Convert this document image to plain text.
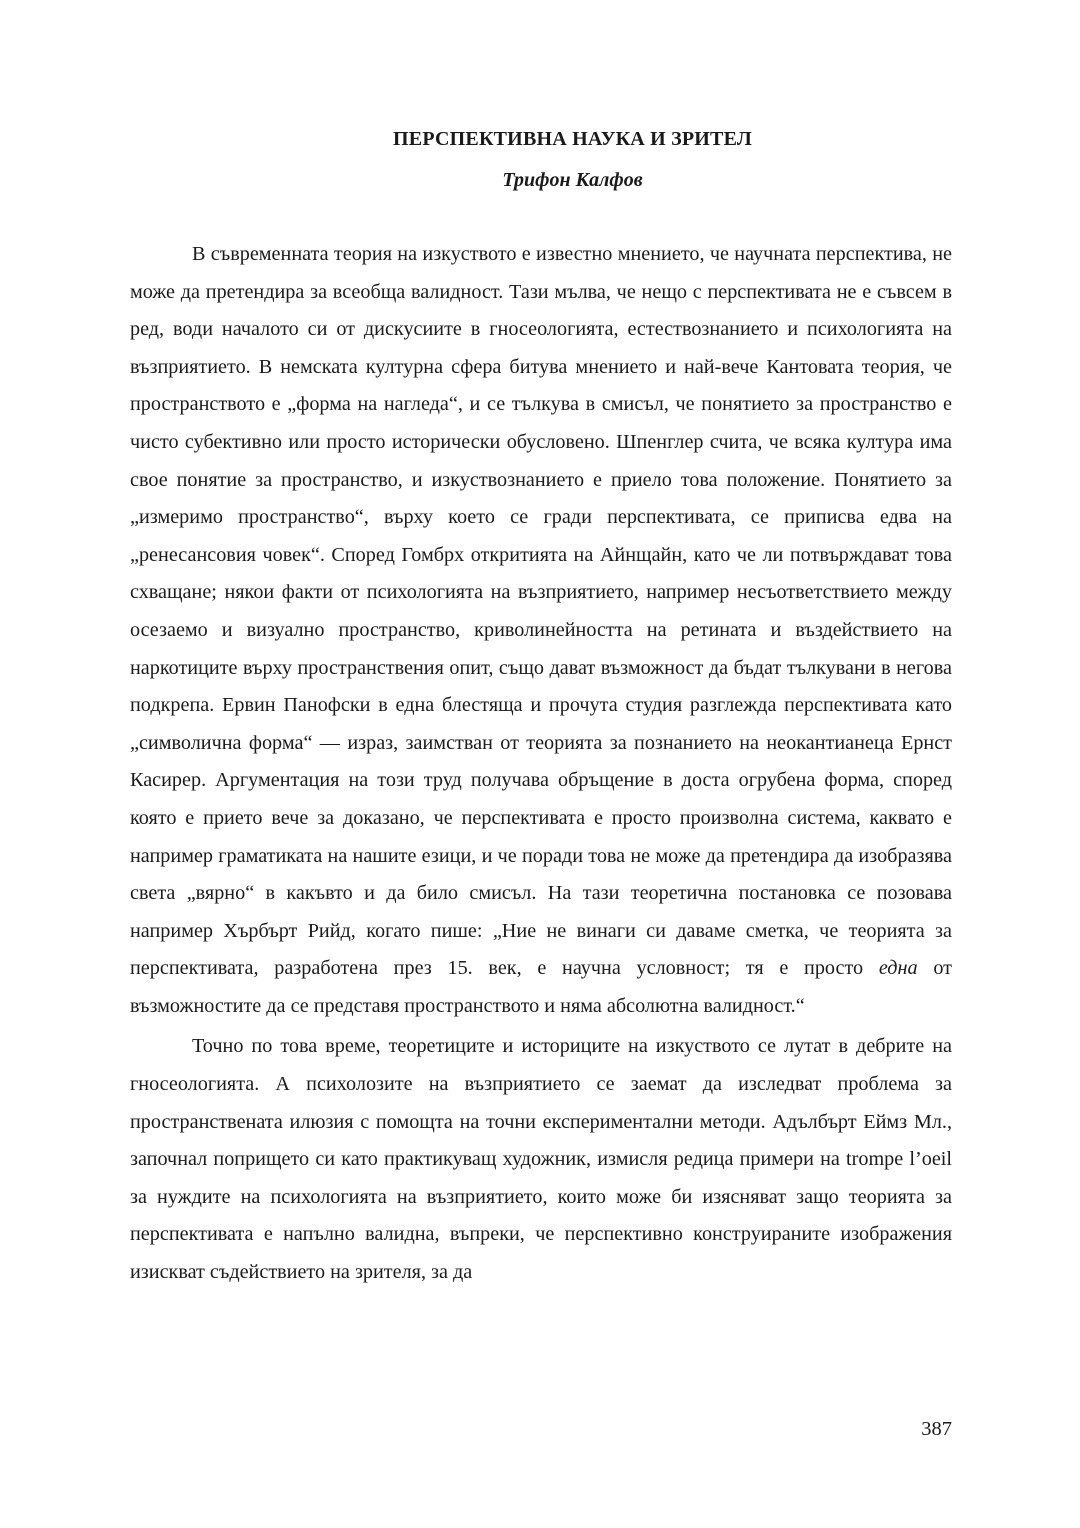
ПЕРСПЕКТИВНА НАУКА И ЗРИТЕЛ
Трифон Калфов

В съвременната теория на изкуството е известно мнението, че научната перспектива, не може да претендира за всеобща валидност. Тази мълва, че нещо с перспективата не е съвсем в ред, води началото си от дискусиите в гносеологията, естествознанието и психологията на възприятието. В немската културна сфера битува мнението и най-вече Кантовата теория, че пространството е „форма на нагледа“, и се тълкува в смисъл, че понятието за пространство е чисто субективно или просто исторически обусловено. Шпенглер счита, че всяка култура има свое понятие за пространство, и изкуствознанието е приело това положение. Понятието за „измеримо пространство“, върху което се гради перспективата, се приписва едва на „ренесансовия човек“. Според Гомбрх откритията на Айнщайн, като че ли потвърждават това схващане; някои факти от психологията на възприятието, например несъответствието между осезаемо и визуално пространство, криволинейността на ретината и въздействието на наркотиците върху пространствения опит, също дават възможност да бъдат тълкувани в негова подкрепа. Ервин Панофски в една блестяща и прочута студия разглежда перспективата като „символична форма“ — израз, заимстван от теорията за познанието на неокантианеца Ернст Касирер. Аргументация на този труд получава обръщение в доста огрубена форма, според която е прието вече за доказано, че перспективата е просто произволна система, каквато е например граматиката на нашите езици, и че поради това не може да претендира да изобразява света „вярно“ в какъвто и да било смисъл. На тази теоретична постановка се позовава например Хърбърт Рийд, когато пише: „Ние не винаги си даваме сметка, че теорията за перспективата, разработена през 15. век, е научна условност; тя е просто една от възможностите да се представя пространството и няма абсолютна валидност.“

Точно по това време, теоретиците и историците на изкуството се лутат в дебрите на гносеологията. А психолозите на възприятието се заемат да изследват проблема за пространствената илюзия с помощта на точни експериментални методи. Адълбърт Еймз Мл., започнал попрището си като практикуващ художник, измисля редица примери на trompe l’oeil за нуждите на психологията на възприятието, които може би изясняват защо теорията за перспективата е напълно валидна, въпреки, че перспективно конструираните изображения изискват съдействието на зрителя, за да

387
